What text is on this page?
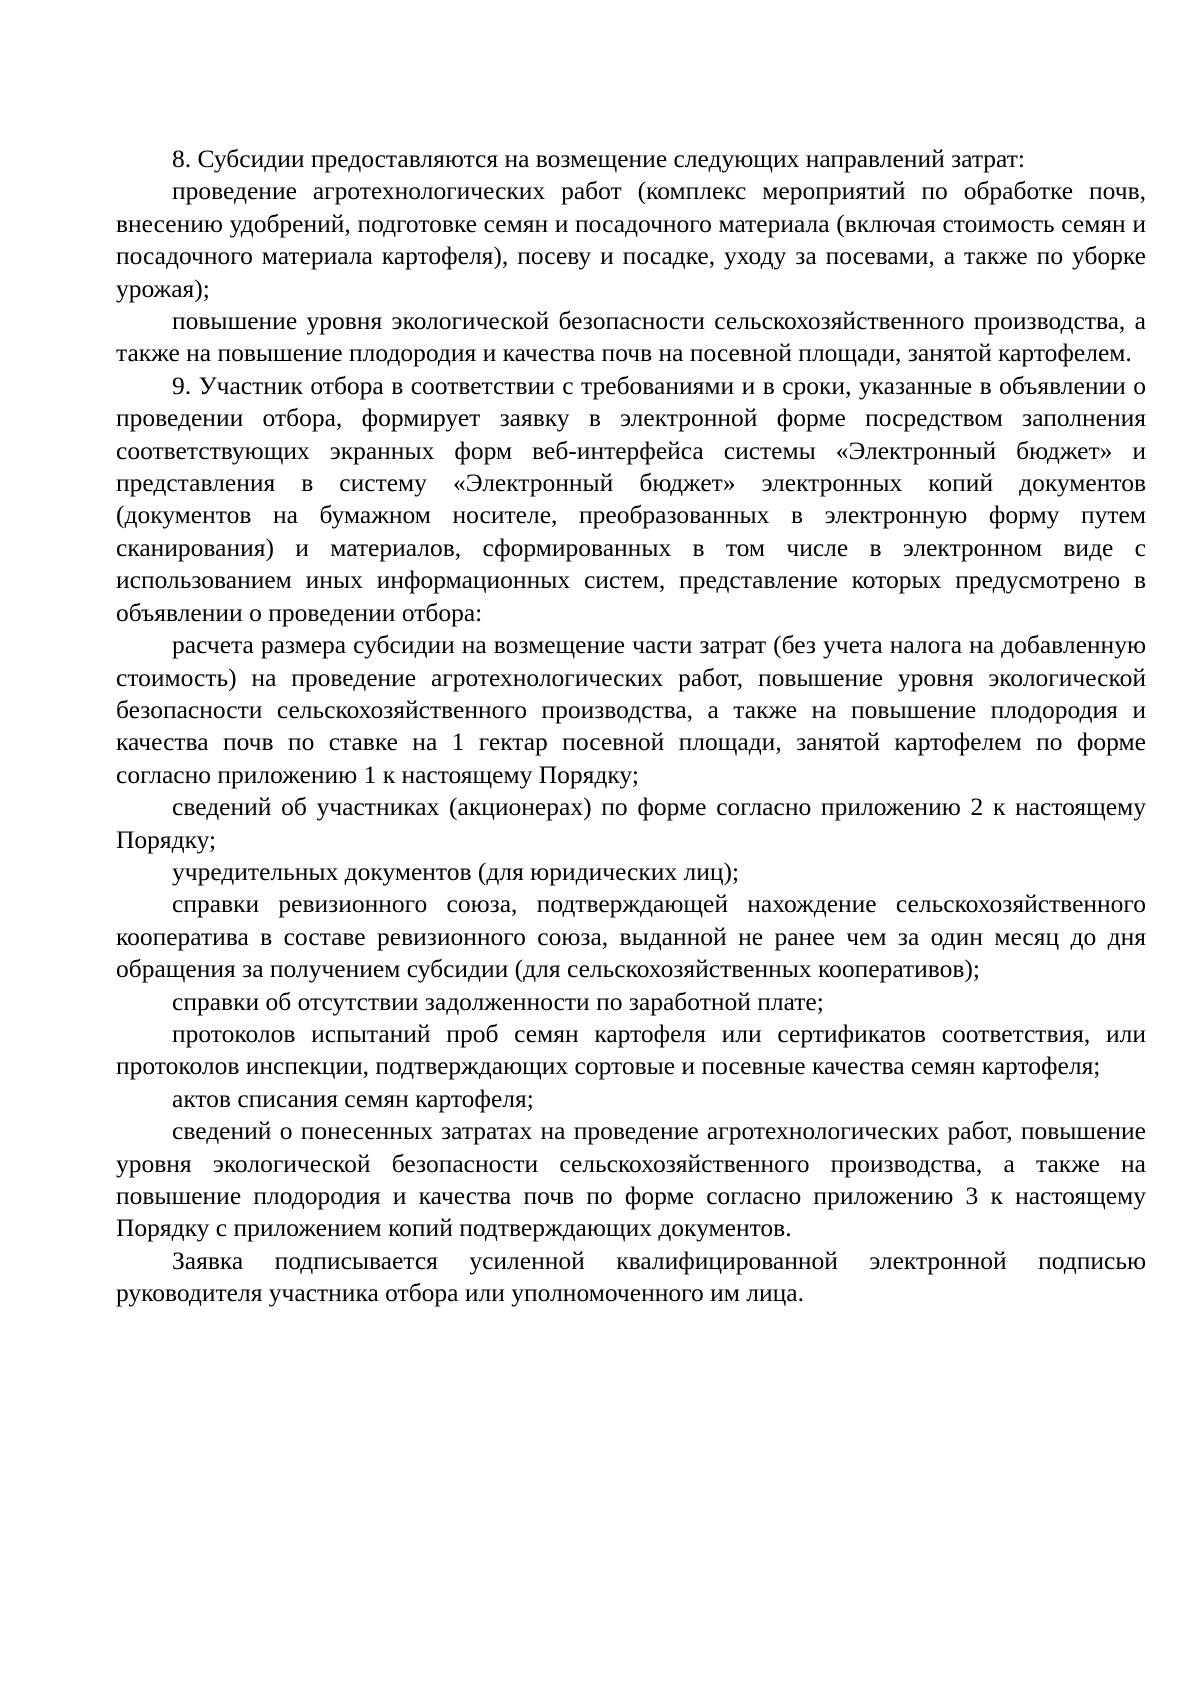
8. Субсидии предоставляются на возмещение следующих направлений затрат:

проведение агротехнологических работ (комплекс мероприятий по обработке почв, внесению удобрений, подготовке семян и посадочного материала (включая стоимость семян и посадочного материала картофеля), посеву и посадке, уходу за посевами, а также по уборке урожая);

повышение уровня экологической безопасности сельскохозяйственного производства, а также на повышение плодородия и качества почв на посевной площади, занятой картофелем.

9. Участник отбора в соответствии с требованиями и в сроки, указанные в объявлении о проведении отбора, формирует заявку в электронной форме посредством заполнения соответствующих экранных форм веб-интерфейса системы «Электронный бюджет» и представления в систему «Электронный бюджет» электронных копий документов (документов на бумажном носителе, преобразованных в электронную форму путем сканирования) и материалов, сформированных в том числе в электронном виде с использованием иных информационных систем, представление которых предусмотрено в объявлении о проведении отбора:

расчета размера субсидии на возмещение части затрат (без учета налога на добавленную стоимость) на проведение агротехнологических работ, повышение уровня экологической безопасности сельскохозяйственного производства, а также на повышение плодородия и качества почв по ставке на 1 гектар посевной площади, занятой картофелем по форме согласно приложению 1 к настоящему Порядку;

сведений об участниках (акционерах) по форме согласно приложению 2 к настоящему Порядку;

учредительных документов (для юридических лиц);

справки ревизионного союза, подтверждающей нахождение сельскохозяйственного кооператива в составе ревизионного союза, выданной не ранее чем за один месяц до дня обращения за получением субсидии (для сельскохозяйственных кооперативов);

справки об отсутствии задолженности по заработной плате;

протоколов испытаний проб семян картофеля или сертификатов соответствия, или протоколов инспекции, подтверждающих сортовые и посевные качества семян картофеля;

актов списания семян картофеля;

сведений о понесенных затратах на проведение агротехнологических работ, повышение уровня экологической безопасности сельскохозяйственного производства, а также на повышение плодородия и качества почв по форме согласно приложению 3 к настоящему Порядку с приложением копий подтверждающих документов.

Заявка подписывается усиленной квалифицированной электронной подписью руководителя участника отбора или уполномоченного им лица.
